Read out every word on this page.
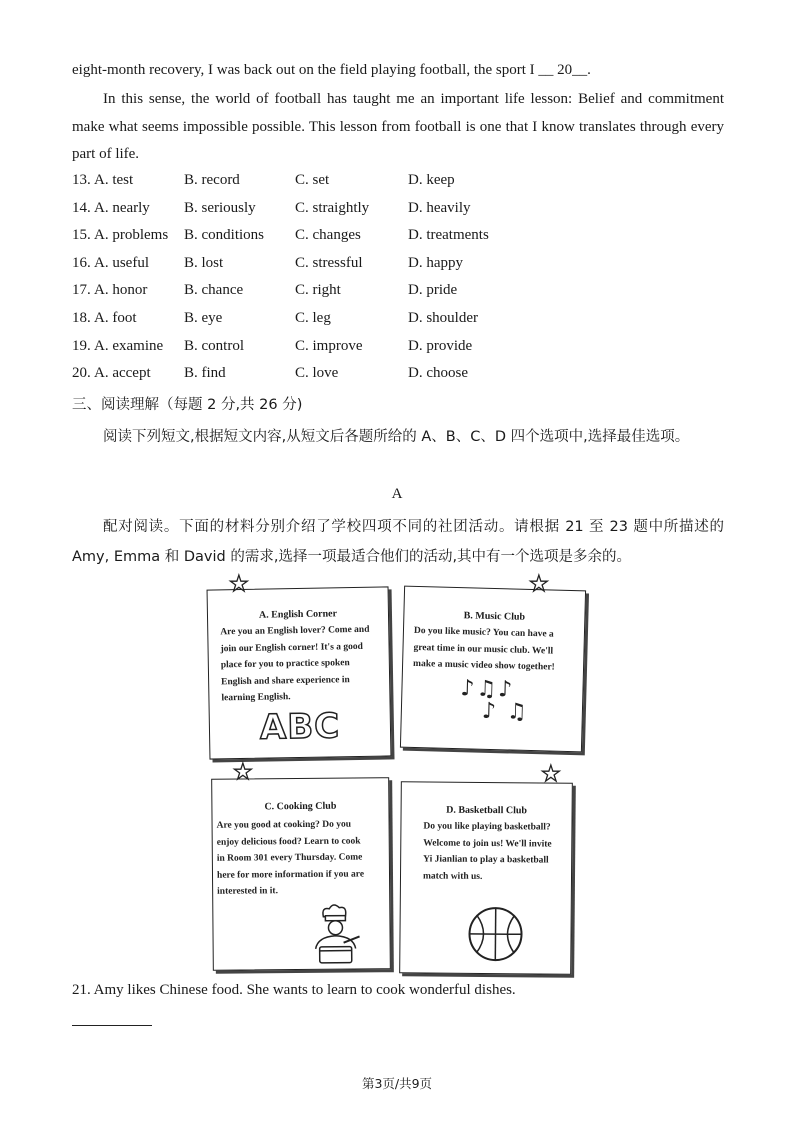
eight-month recovery, I was back out on the field playing football, the sport I __ 20__.

In this sense, the world of football has taught me an important life lesson: Belief and commitment make what seems impossible possible. This lesson from football is one that I know translates through every part of life.

13. A. test	B. record	C. set	D. keep
14. A. nearly B. seriously	C. straightly	D. heavily
15. A. problems B. conditions C. changes	D. treatments
16. A. useful B. lost	C. stressful	D. happy
17. A. honor B. chance	C. right	D. pride
18. A. foot	B. eye	C. leg	D. shoulder
19. A. examine B. control	C. improve	D. provide
20. A. accept B. find	C. love	D. choose
三、阅读理解（每题 2 分,共 26 分)

阅读下列短文,根据短文内容,从短文后各题所给的 A、B、C、D 四个选项中,选择最佳选项。

A

配对阅读。下面的材料分别介绍了学校四项不同的社团活动。请根据 21 至 23 题中所描述的 Amy, Emma 和 David 的需求,选择一项最适合他们的活动,其中有一个选项是多余的。

A. English Corner
Are you an English lover? Come and
join our English corner! It's a good
place for you to practice spoken
English and share experience in
learning English.
ABC
★
B. Music Club
Do you like music? You can have a
great time in our music club. We'll
make a music video show together!
♪♫♪
♪ ♫
★
C. Cooking Club
Are you good at cooking? Do you
enjoy delicious food? Learn to cook
in Room 301 every Thursday. Come
here for more information if you are
interested in it.
★
D. Basketball Club
Do you like playing basketball?
Welcome to join us! We'll invite
Yi Jianlian to play a basketball
match with us.
★
21. Amy likes Chinese food. She wants to learn to cook wonderful dishes.
第3页/共9页
